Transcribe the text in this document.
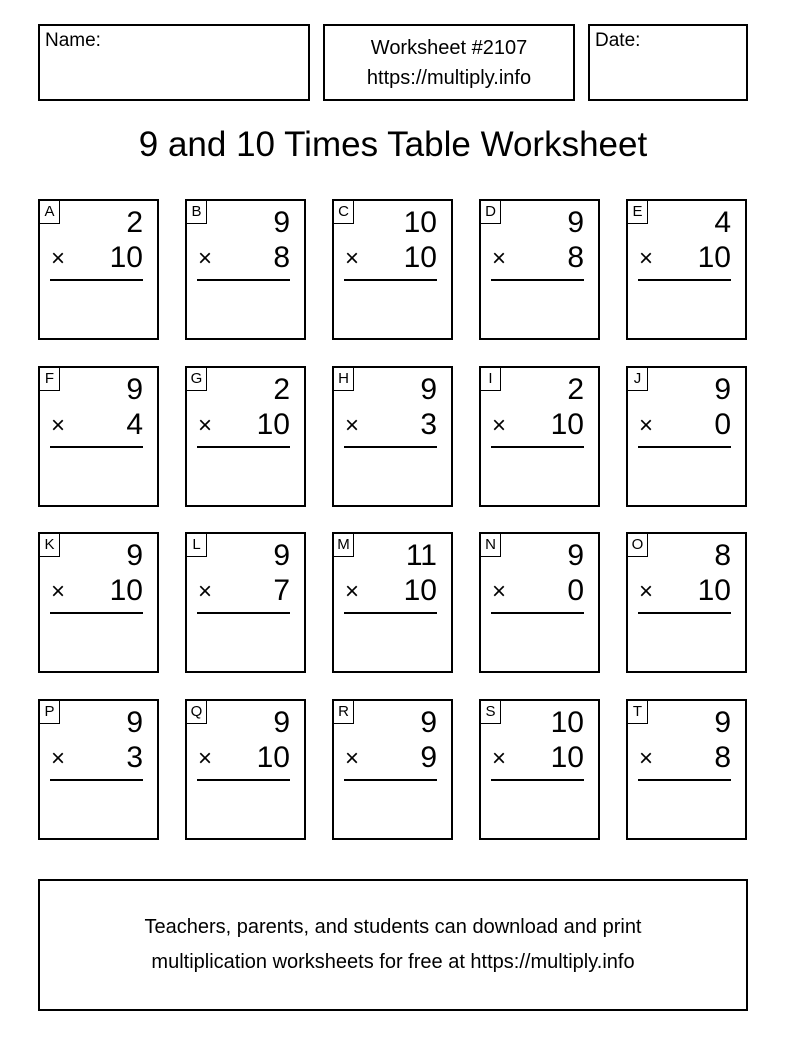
Name:	Worksheet #2107
https://multiply.info
Date:
9 and 10 Times Table Worksheet
A 2
× 10
B 9
× 8
C 10
× 10
D 9
× 8
E 4
× 10
F 9
× 4
G 2
× 10
H 9
× 3
I 2
× 10
J 9
× 0
K 9
× 10
L 9
× 7
M 11
× 10
N 9
× 0
O 8
× 10
P 9
× 3
Q 9
× 10
R 9
× 9
S 10
× 10
T 9
× 8
Teachers, parents, and students can download and print
multiplication worksheets for free at https://multiply.info
